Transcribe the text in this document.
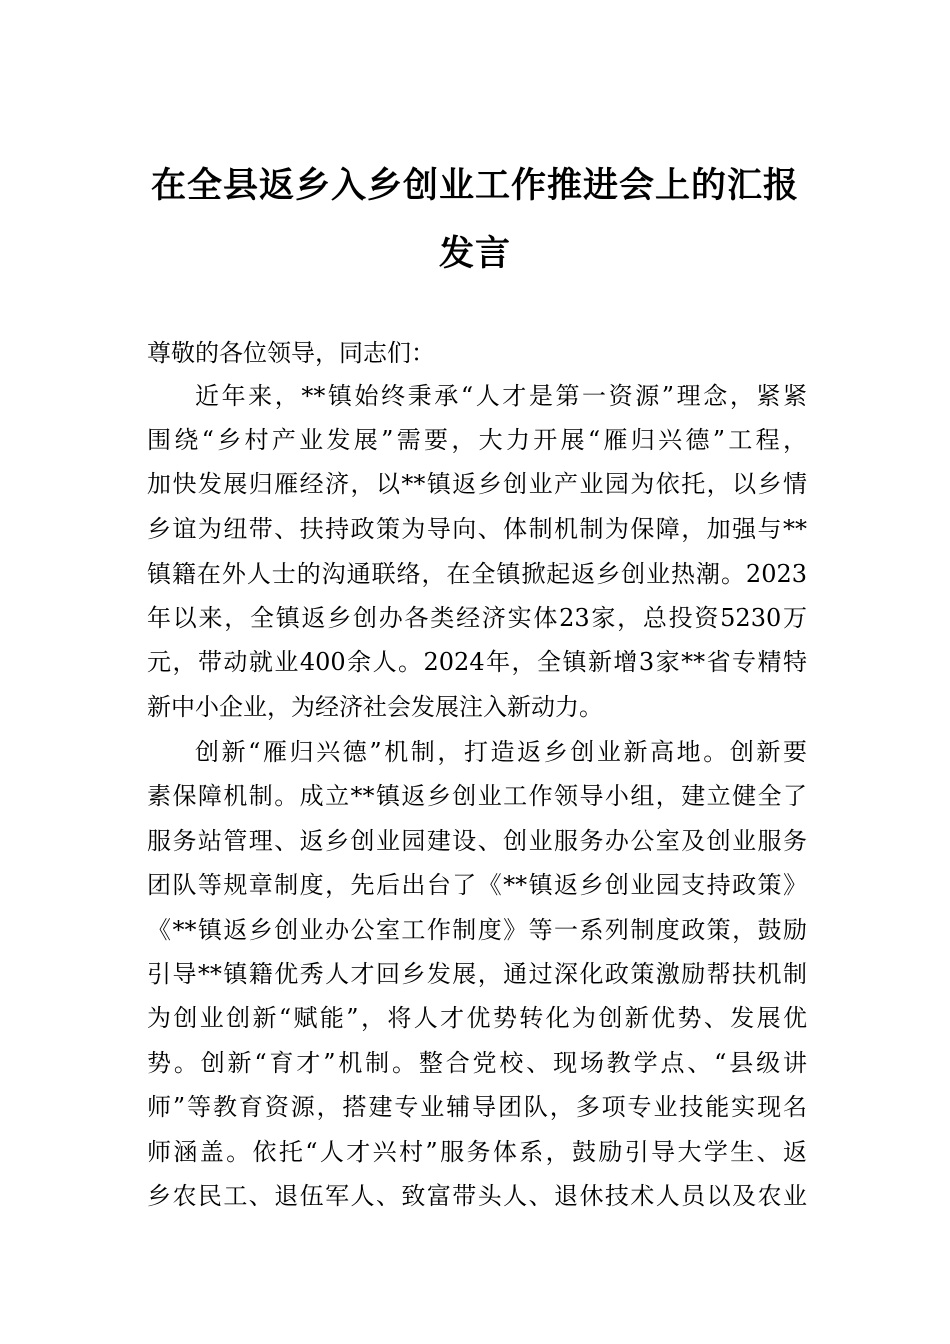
在全县返乡入乡创业工作推进会上的汇报
发言
尊敬的各位领导，同志们：
近年来，**镇始终秉承“人才是第一资源”理念，紧紧
围绕“乡村产业发展”需要，大力开展“雁归兴德”工程，
加快发展归雁经济，以**镇返乡创业产业园为依托，以乡情
乡谊为纽带、扶持政策为导向、体制机制为保障，加强与**
镇籍在外人士的沟通联络，在全镇掀起返乡创业热潮。2023
年以来，全镇返乡创办各类经济实体23家，总投资5230万
元，带动就业400余人。2024年，全镇新增3家**省专精特
新中小企业，为经济社会发展注入新动力。
创新“雁归兴德”机制，打造返乡创业新高地。创新要
素保障机制。成立**镇返乡创业工作领导小组，建立健全了
服务站管理、返乡创业园建设、创业服务办公室及创业服务
团队等规章制度，先后出台了《**镇返乡创业园支持政策》
《**镇返乡创业办公室工作制度》等一系列制度政策，鼓励
引导**镇籍优秀人才回乡发展，通过深化政策激励帮扶机制
为创业创新“赋能”，将人才优势转化为创新优势、发展优
势。创新“育才”机制。整合党校、现场教学点、“县级讲
师”等教育资源，搭建专业辅导团队，多项专业技能实现名
师涵盖。依托“人才兴村”服务体系，鼓励引导大学生、返
乡农民工、退伍军人、致富带头人、退休技术人员以及农业
